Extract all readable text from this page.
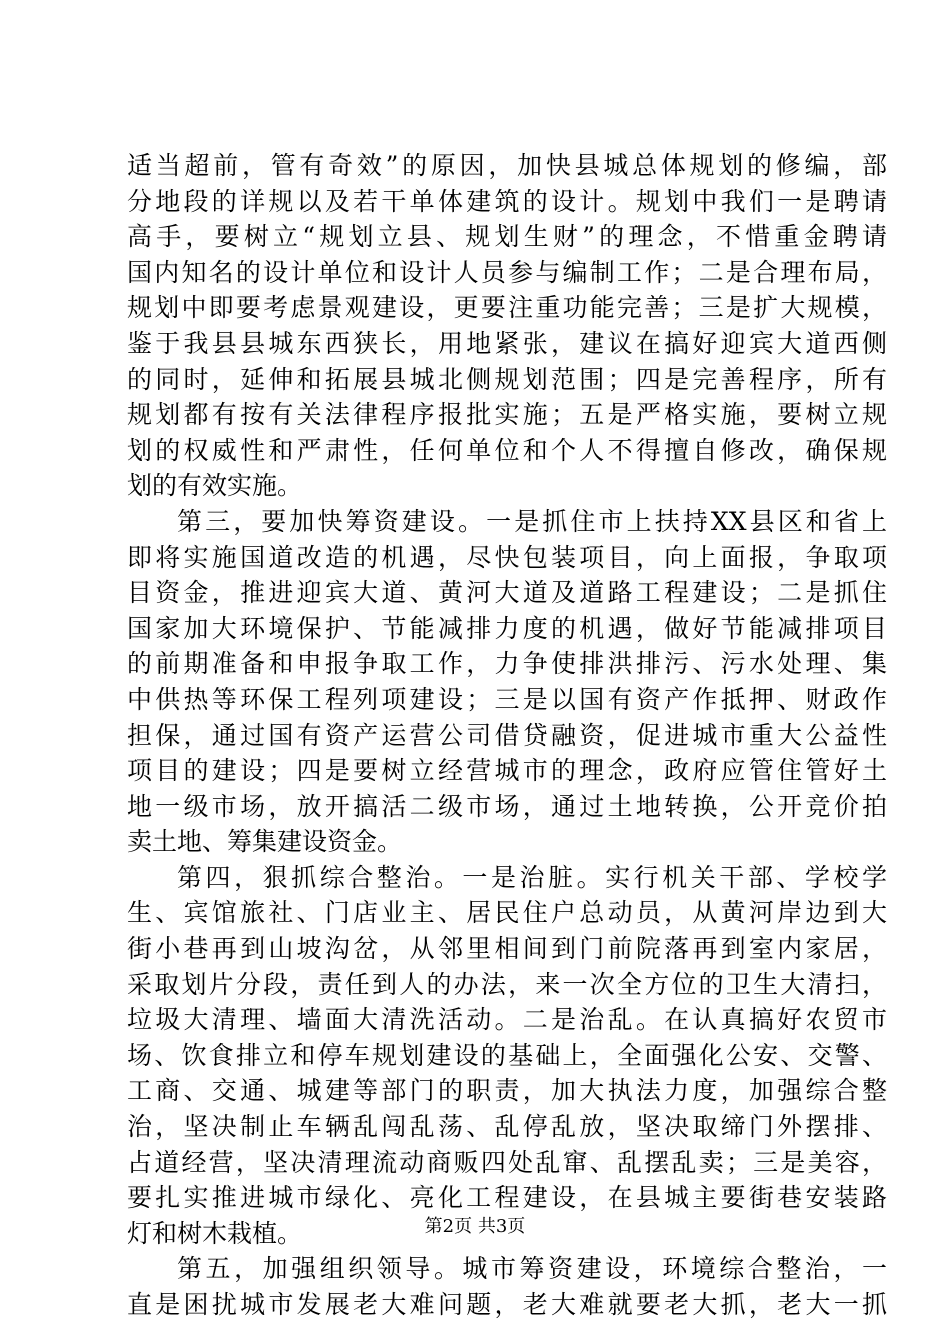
适当超前，管有奇效”的原因，加快县城总体规划的修编，部
分地段的详规以及若干单体建筑的设计。规划中我们一是聘请
高手，要树立“规划立县、规划生财”的理念，不惜重金聘请
国内知名的设计单位和设计人员参与编制工作；二是合理布局，
规划中即要考虑景观建设，更要注重功能完善；三是扩大规模，
鉴于我县县城东西狭长，用地紧张，建议在搞好迎宾大道西侧
的同时，延伸和拓展县城北侧规划范围；四是完善程序，所有
规划都有按有关法律程序报批实施；五是严格实施，要树立规
划的权威性和严肃性，任何单位和个人不得擅自修改，确保规
划的有效实施。
第三，要加快筹资建设。一是抓住市上扶持XX县区和省上
即将实施国道改造的机遇，尽快包装项目，向上面报，争取项
目资金，推进迎宾大道、黄河大道及道路工程建设；二是抓住
国家加大环境保护、节能减排力度的机遇，做好节能减排项目
的前期准备和申报争取工作，力争使排洪排污、污水处理、集
中供热等环保工程列项建设；三是以国有资产作抵押、财政作
担保，通过国有资产运营公司借贷融资，促进城市重大公益性
项目的建设；四是要树立经营城市的理念，政府应管住管好土
地一级市场，放开搞活二级市场，通过土地转换，公开竞价拍
卖土地、筹集建设资金。
第四，狠抓综合整治。一是治脏。实行机关干部、学校学
生、宾馆旅社、门店业主、居民住户总动员，从黄河岸边到大
街小巷再到山坡沟岔，从邻里相间到门前院落再到室内家居，
采取划片分段，责任到人的办法，来一次全方位的卫生大清扫，
垃圾大清理、墙面大清洗活动。二是治乱。在认真搞好农贸市
场、饮食排立和停车规划建设的基础上，全面强化公安、交警、
工商、交通、城建等部门的职责，加大执法力度，加强综合整
治，坚决制止车辆乱闯乱荡、乱停乱放，坚决取缔门外摆排、
占道经营，坚决清理流动商贩四处乱窜、乱摆乱卖；三是美容，
要扎实推进城市绿化、亮化工程建设，在县城主要街巷安装路
灯和树木栽植。
第五，加强组织领导。城市筹资建设，环境综合整治，一
直是困扰城市发展老大难问题，老大难就要老大抓，老大一抓
第2页 共3页
